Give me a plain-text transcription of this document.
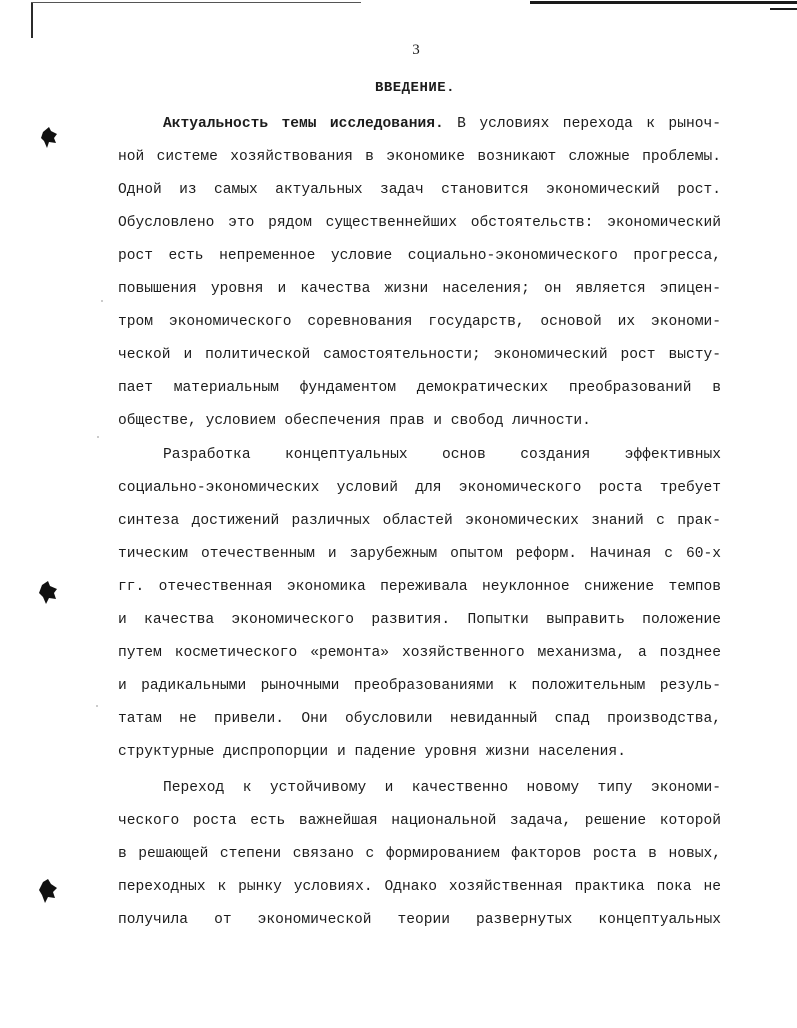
3
ВВЕДЕНИЕ.
Актуальность темы исследования. В условиях перехода к рыноч-
ной системе хозяйствования в экономике возникают сложные проблемы.
Одной из самых актуальных задач становится экономический рост.
Обусловлено это рядом существеннейших обстоятельств: экономический
рост есть непременное условие социально-экономического прогресса,
повышения уровня и качества жизни населения; он является эпицен-
тром экономического соревнования государств, основой их экономи-
ческой и политической самостоятельности; экономический рост высту-
пает материальным фундаментом демократических преобразований в
обществе, условием обеспечения прав и свобод личности.
Разработка концептуальных основ создания эффективных
социально-экономических условий для экономического роста требует
синтеза достижений различных областей экономических знаний с прак-
тическим отечественным и зарубежным опытом реформ. Начиная с 60-х
гг. отечественная экономика переживала неуклонное снижение темпов
и качества экономического развития. Попытки выправить положение
путем косметического «ремонта» хозяйственного механизма, а позднее
и радикальными рыночными преобразованиями к положительным резуль-
татам не привели. Они обусловили невиданный спад производства,
структурные диспропорции и падение уровня жизни населения.
Переход к устойчивому и качественно новому типу экономи-
ческого роста есть важнейшая национальной задача, решение которой
в решающей степени связано с формированием факторов роста в новых,
переходных к рынку условиях. Однако хозяйственная практика пока не
получила от экономической теории развернутых концептуальных
